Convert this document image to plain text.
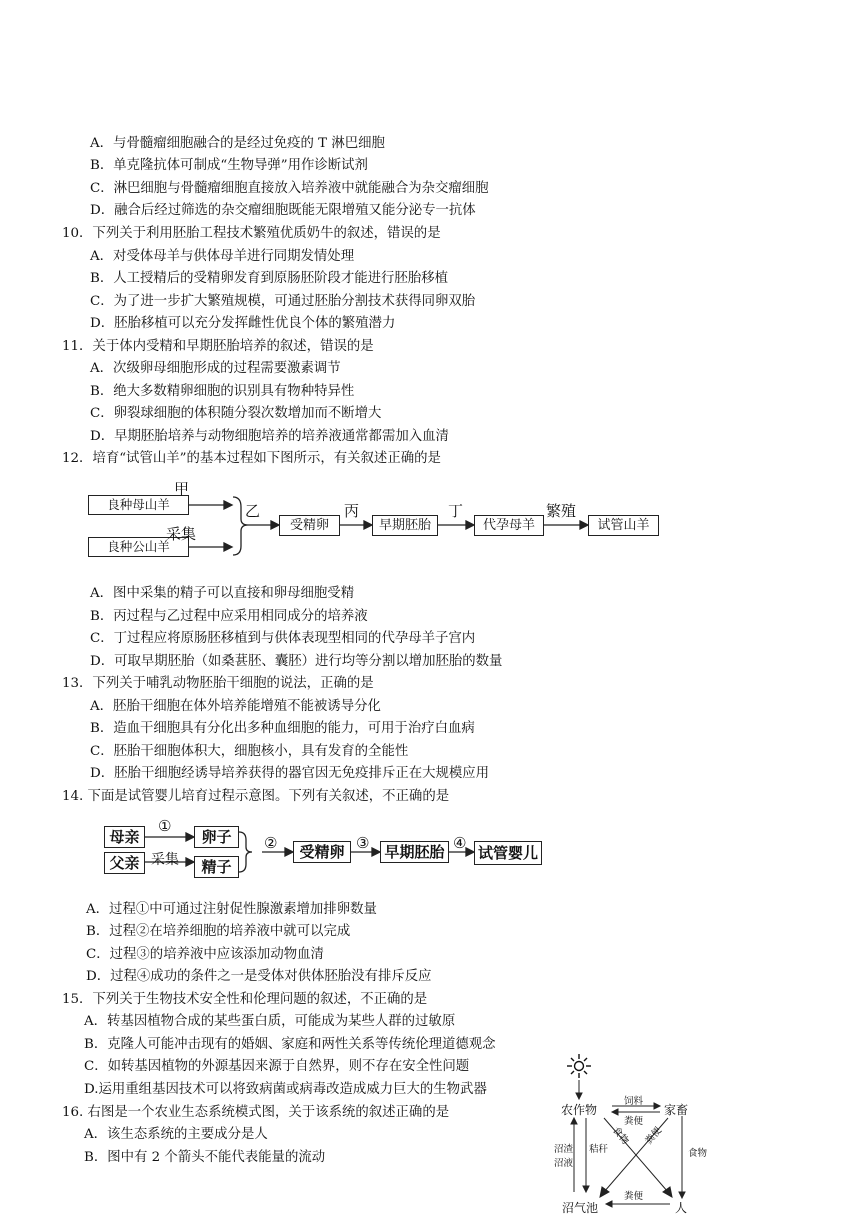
A．与骨髓瘤细胞融合的是经过免疫的 T 淋巴细胞
B．单克隆抗体可制成“生物导弹”用作诊断试剂
C．淋巴细胞与骨髓瘤细胞直接放入培养液中就能融合为杂交瘤细胞
D．融合后经过筛选的杂交瘤细胞既能无限增殖又能分泌专一抗体
10．下列关于利用胚胎工程技术繁殖优质奶牛的叙述，错误的是
A．对受体母羊与供体母羊进行同期发情处理
B．人工授精后的受精卵发育到原肠胚阶段才能进行胚胎移植
C．为了进一步扩大繁殖规模，可通过胚胎分割技术获得同卵双胎
D．胚胎移植可以充分发挥雌性优良个体的繁殖潜力
11．关于体内受精和早期胚胎培养的叙述，错误的是
A．次级卵母细胞形成的过程需要激素调节
B．绝大多数精卵细胞的识别具有物种特异性
C．卵裂球细胞的体积随分裂次数增加而不断增大
D．早期胚胎培养与动物细胞培养的培养液通常都需加入血清
12．培育“试管山羊”的基本过程如下图所示，有关叙述正确的是
良种母山羊
良种公山羊
甲
采集
乙
受精卵
丙
早期胚胎
丁
代孕母羊
繁殖
试管山羊
A．图中采集的精子可以直接和卵母细胞受精
B．丙过程与乙过程中应采用相同成分的培养液
C．丁过程应将原肠胚移植到与供体表现型相同的代孕母羊子宫内
D．可取早期胚胎（如桑葚胚、囊胚）进行均等分割以增加胚胎的数量
13．下列关于哺乳动物胚胎干细胞的说法，正确的是
A．胚胎干细胞在体外培养能增殖不能被诱导分化
B．造血干细胞具有分化出多种血细胞的能力，可用于治疗白血病
C．胚胎干细胞体积大，细胞核小，具有发育的全能性
D．胚胎干细胞经诱导培养获得的器官因无免疫排斥正在大规模应用
14. 下面是试管婴儿培育过程示意图。下列有关叙述，不正确的是
母亲
父亲
①
采集
卵子
精子
②	受精卵 ③ 早期胚胎 ④
试管婴儿
A．过程①中可通过注射促性腺激素增加排卵数量
B．过程②在培养细胞的培养液中就可以完成
C．过程③的培养液中应该添加动物血清
D．过程④成功的条件之一是受体对供体胚胎没有排斥反应
15．下列关于生物技术安全性和伦理问题的叙述，不正确的是
A．转基因植物合成的某些蛋白质，可能成为某些人群的过敏原
B．克隆人可能冲击现有的婚姻、家庭和两性关系等传统伦理道德观念
C．如转基因植物的外源基因来源于自然界，则不存在安全性问题
D.运用重组基因技术可以将致病菌或病毒改造成威力巨大的生物武器
16. 右图是一个农业生态系统模式图，关于该系统的叙述正确的是
A．该生态系统的主要成分是人
B．图中有 2 个箭头不能代表能量的流动
农作物	家畜
沼气池	人
饲料
粪便
食物
沼渣
沼液
秸秆
食物 粪便
粪便
